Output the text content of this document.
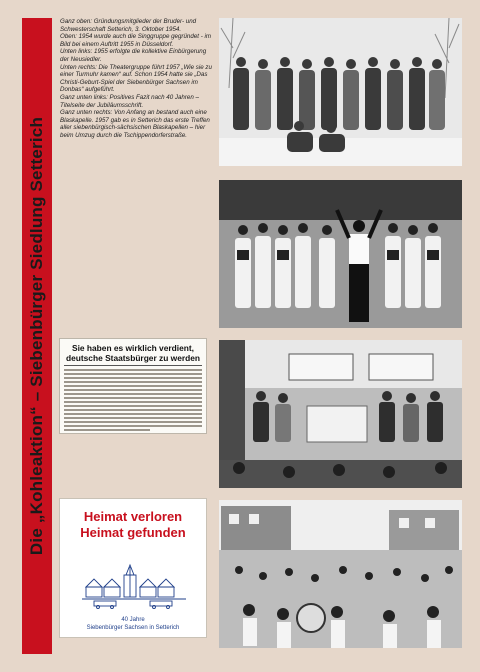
Die „Kohleaktion“ – Siebenbürger Siedlung Setterich

Ganz oben: Gründungsmitglieder der Bruder- und Schwesterschaft Setterich, 3. Oktober 1954.

Oben: 1954 wurde auch die Singgruppe gegründet - im Bild bei einem Auftritt 1955 in Düsseldorf.

Unten links: 1955 erfolgte die kollektive Einbürgerung der Neusiedler.

Unten rechts: Die Theatergruppe führt 1957 „Wie sie zu einer Turmuhr kamen“ auf. Schon 1954 hatte sie „Das Christi-Geburt-Spiel der Siebenbürger Sachsen im Donbas“ aufgeführt.

Ganz unten links: Positives Fazit nach 40 Jahren – Titelseite der Jubiläumsschrift.

Ganz unten rechts: Von Anfang an bestand auch eine Blaskapelle. 1957 gab es in Setterich das erste Treffen aller siebenbürgisch-sächsischen Blaskapellen – hier beim Umzug durch die Tschippendorferstraße.

Sie haben es wirklich verdient,
deutsche Staatsbürger zu werden
Heimat verloren
Heimat gefunden
40 Jahre
Siebenbürger Sachsen in Setterich
